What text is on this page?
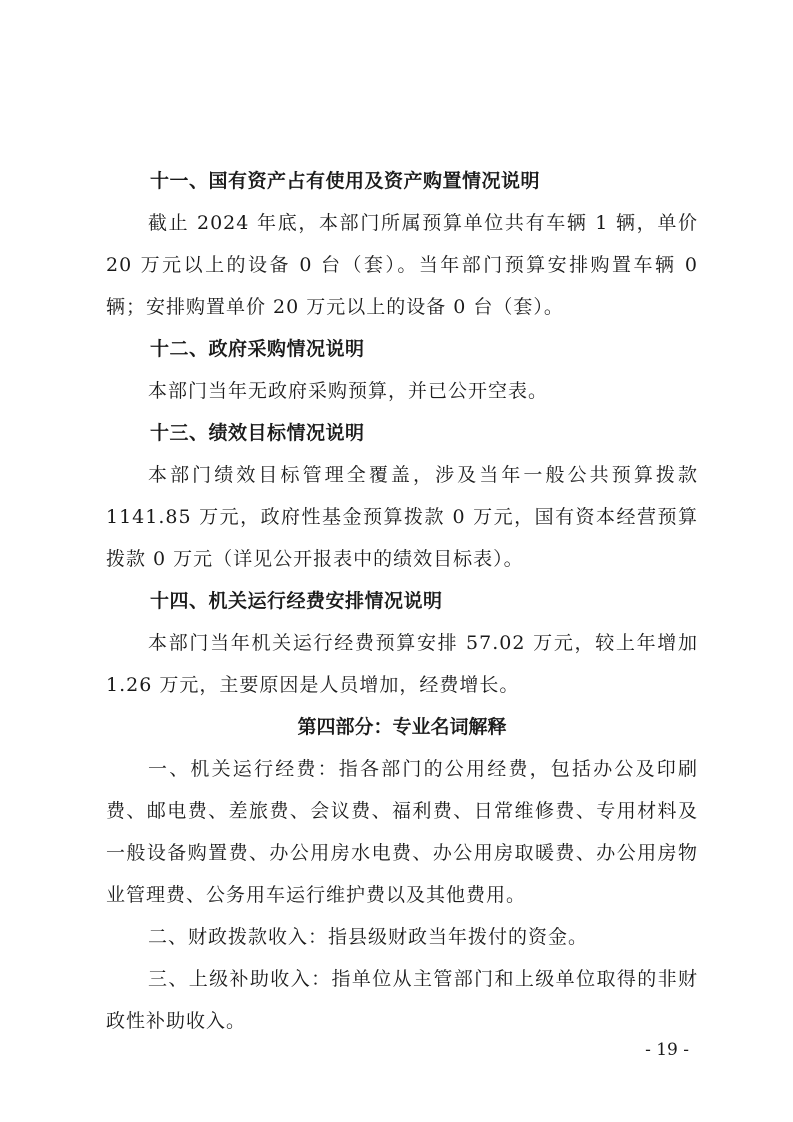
十一、国有资产占有使用及资产购置情况说明

截止 2024 年底，本部门所属预算单位共有车辆 1 辆，单价 20 万元以上的设备 0 台（套）。当年部门预算安排购置车辆 0 辆；安排购置单价 20 万元以上的设备 0 台（套）。

十二、政府采购情况说明

本部门当年无政府采购预算，并已公开空表。

十三、绩效目标情况说明

本部门绩效目标管理全覆盖，涉及当年一般公共预算拨款 1141.85 万元，政府性基金预算拨款 0 万元，国有资本经营预算拨款 0 万元（详见公开报表中的绩效目标表）。

十四、机关运行经费安排情况说明

本部门当年机关运行经费预算安排 57.02 万元，较上年增加 1.26 万元，主要原因是人员增加，经费增长。

第四部分：专业名词解释

一、机关运行经费：指各部门的公用经费，包括办公及印刷费、邮电费、差旅费、会议费、福利费、日常维修费、专用材料及一般设备购置费、办公用房水电费、办公用房取暖费、办公用房物业管理费、公务用车运行维护费以及其他费用。

二、财政拨款收入：指县级财政当年拨付的资金。

三、上级补助收入：指单位从主管部门和上级单位取得的非财政性补助收入。

- 19 -
